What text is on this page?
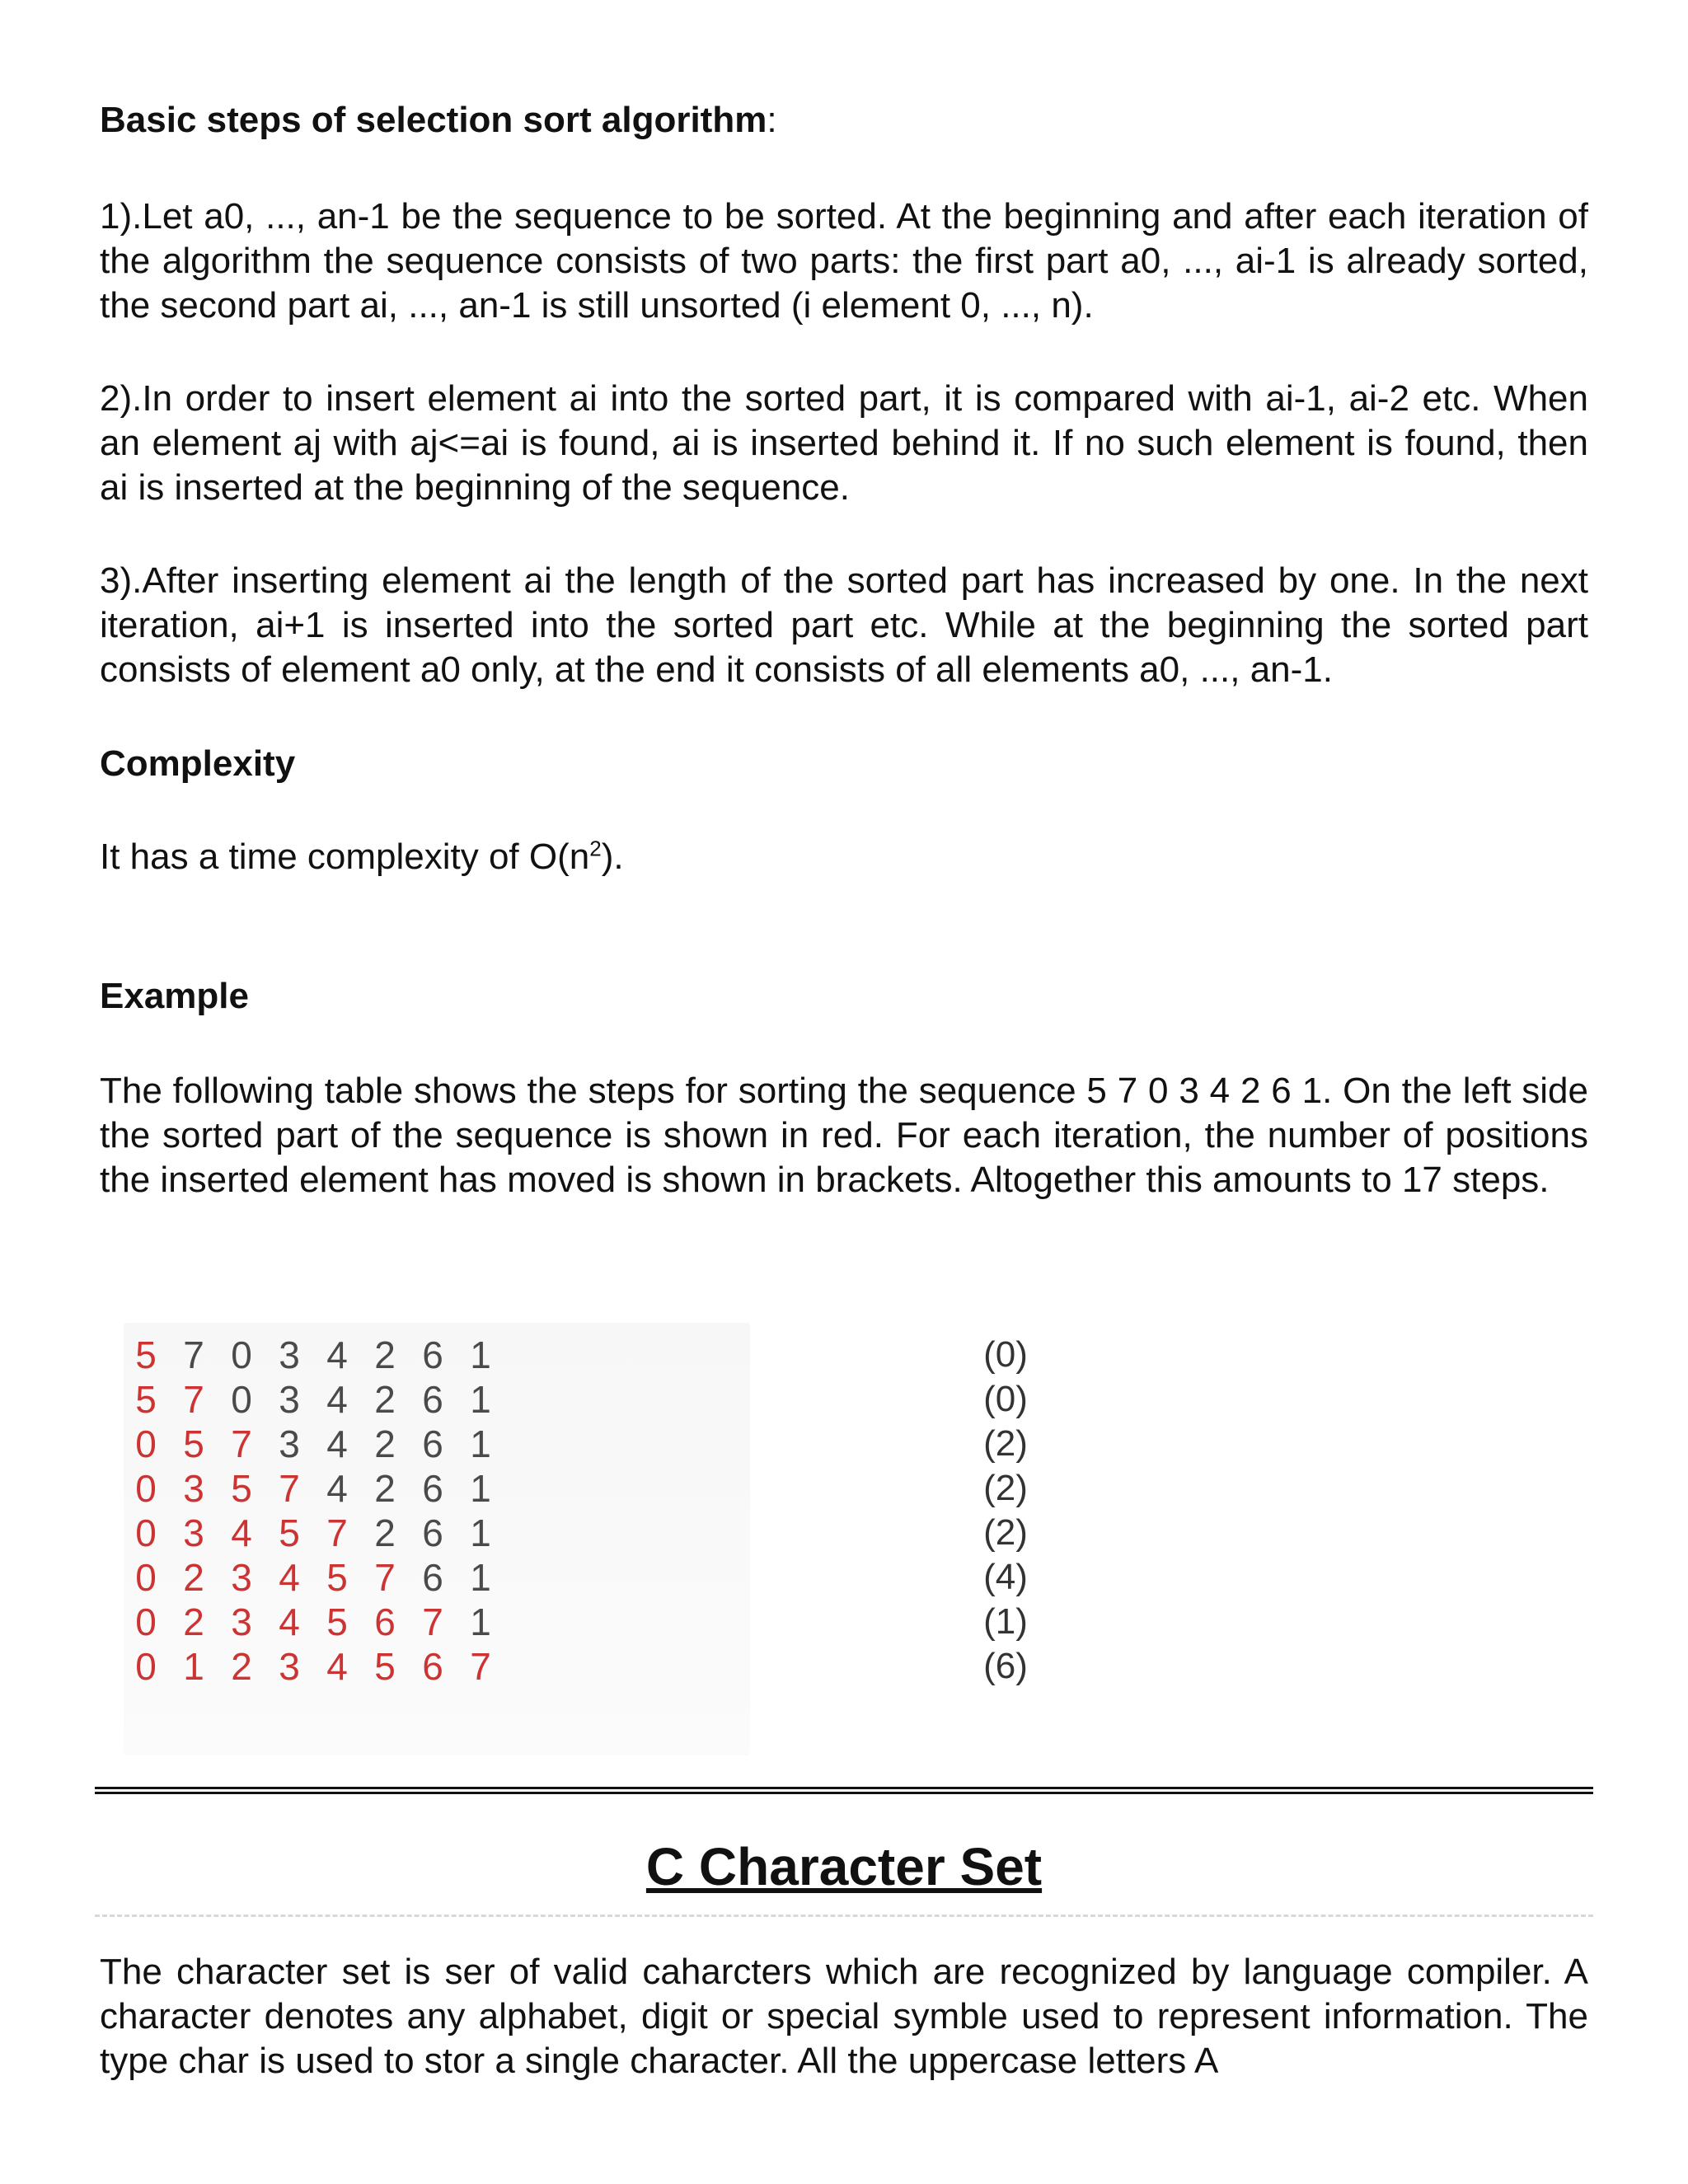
Basic steps of selection sort algorithm:

1).Let a0, ..., an-1 be the sequence to be sorted. At the beginning and after each iteration of the algorithm the sequence consists of two parts: the first part a0, ..., ai-1 is already sorted, the second part ai, ..., an-1 is still unsorted (i element 0, ..., n).

2).In order to insert element ai into the sorted part, it is compared with ai-1, ai-2 etc. When an element aj with aj<=ai is found, ai is inserted behind it. If no such element is found, then ai is inserted at the beginning of the sequence.

3).After inserting element ai the length of the sorted part has increased by one. In the next iteration, ai+1 is inserted into the sorted part etc. While at the beginning the sorted part consists of element a0 only, at the end it consists of all elements a0, ..., an-1.

Complexity

It has a time complexity of $O(n^2)$.

Example

The following table shows the steps for sorting the sequence 5 7 0 3 4 2 6 1. On the left side the sorted part of the sequence is shown in red. For each iteration, the number of positions the inserted element has moved is shown in brackets. Altogether this amounts to 17 steps.

5 7 0 3 4 2 6 1	(0)
5 7 0 3 4 2 6 1	(0)
0 5 7 3 4 2 6 1	(2)
0 3 5 7 4 2 6 1	(2)
0 3 4 5 7 2 6 1	(2)
0 2 3 4 5 7 6 1	(4)
0 2 3 4 5 6 7 1	(1)
0 1 2 3 4 5 6 7	(6)
C Character Set

The character set is ser of valid caharcters which are recognized by language compiler. A character denotes any alphabet, digit or special symble used to represent information. The type char is used to stor a single character. All the uppercase letters A
